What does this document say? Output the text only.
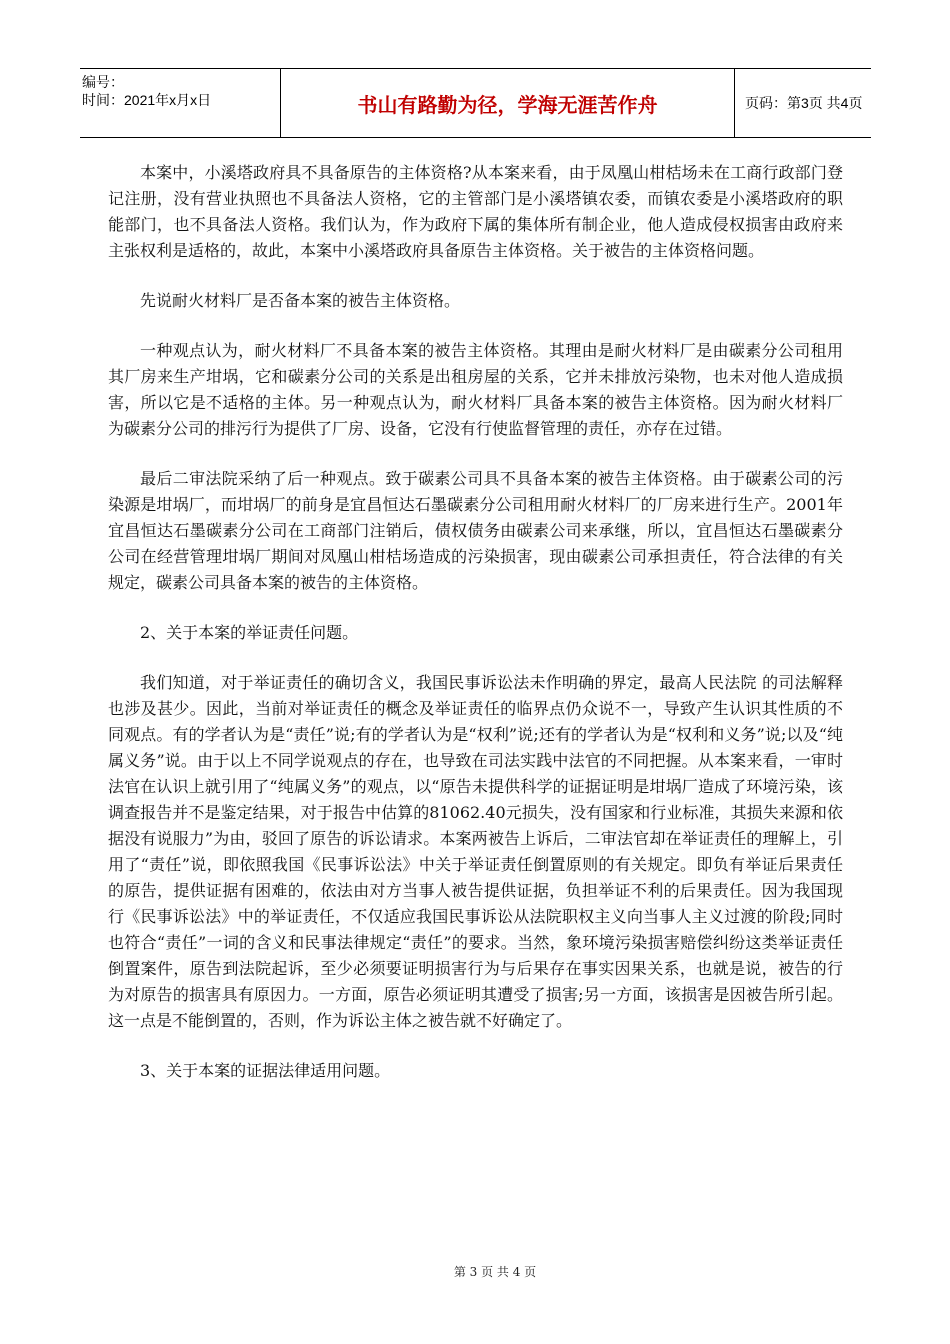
编号：
时间：2021年x月x日	书山有路勤为径，学海无涯苦作舟	页码：第3页 共4页

本案中，小溪塔政府具不具备原告的主体资格?从本案来看，由于凤凰山柑桔场未在工商行政部门登记注册，没有营业执照也不具备法人资格，它的主管部门是小溪塔镇农委，而镇农委是小溪塔政府的职能部门，也不具备法人资格。我们认为，作为政府下属的集体所有制企业，他人造成侵权损害由政府来主张权利是适格的，故此，本案中小溪塔政府具备原告主体资格。关于被告的主体资格问题。

先说耐火材料厂是否备本案的被告主体资格。

一种观点认为，耐火材料厂不具备本案的被告主体资格。其理由是耐火材料厂是由碳素分公司租用其厂房来生产坩埚，它和碳素分公司的关系是出租房屋的关系，它并未排放污染物，也未对他人造成损害，所以它是不适格的主体。另一种观点认为，耐火材料厂具备本案的被告主体资格。因为耐火材料厂为碳素分公司的排污行为提供了厂房、设备，它没有行使监督管理的责任，亦存在过错。

最后二审法院采纳了后一种观点。致于碳素公司具不具备本案的被告主体资格。由于碳素公司的污染源是坩埚厂，而坩埚厂的前身是宜昌恒达石墨碳素分公司租用耐火材料厂的厂房来进行生产。2001年宜昌恒达石墨碳素分公司在工商部门注销后，债权债务由碳素公司来承继，所以，宜昌恒达石墨碳素分公司在经营管理坩埚厂期间对凤凰山柑桔场造成的污染损害，现由碳素公司承担责任，符合法律的有关规定，碳素公司具备本案的被告的主体资格。

2、关于本案的举证责任问题。

我们知道，对于举证责任的确切含义，我国民事诉讼法未作明确的界定，最高人民法院 的司法解释也涉及甚少。因此，当前对举证责任的概念及举证责任的临界点仍众说不一，导致产生认识其性质的不同观点。有的学者认为是“责任”说;有的学者认为是“权利”说;还有的学者认为是“权利和义务”说;以及“纯属义务”说。由于以上不同学说观点的存在，也导致在司法实践中法官的不同把握。从本案来看，一审时法官在认识上就引用了“纯属义务”的观点，以“原告未提供科学的证据证明是坩埚厂造成了环境污染，该调查报告并不是鉴定结果，对于报告中估算的81062.40元损失，没有国家和行业标准，其损失来源和依据没有说服力”为由，驳回了原告的诉讼请求。本案两被告上诉后，二审法官却在举证责任的理解上，引用了“责任”说，即依照我国《民事诉讼法》中关于举证责任倒置原则的有关规定。即负有举证后果责任的原告，提供证据有困难的，依法由对方当事人被告提供证据，负担举证不利的后果责任。因为我国现行《民事诉讼法》中的举证责任，不仅适应我国民事诉讼从法院职权主义向当事人主义过渡的阶段;同时也符合“责任”一词的含义和民事法律规定“责任”的要求。当然，象环境污染损害赔偿纠纷这类举证责任倒置案件，原告到法院起诉，至少必须要证明损害行为与后果存在事实因果关系，也就是说，被告的行为对原告的损害具有原因力。一方面，原告必须证明其遭受了损害;另一方面，该损害是因被告所引起。这一点是不能倒置的，否则，作为诉讼主体之被告就不好确定了。

3、关于本案的证据法律适用问题。

第 3 页 共 4 页
